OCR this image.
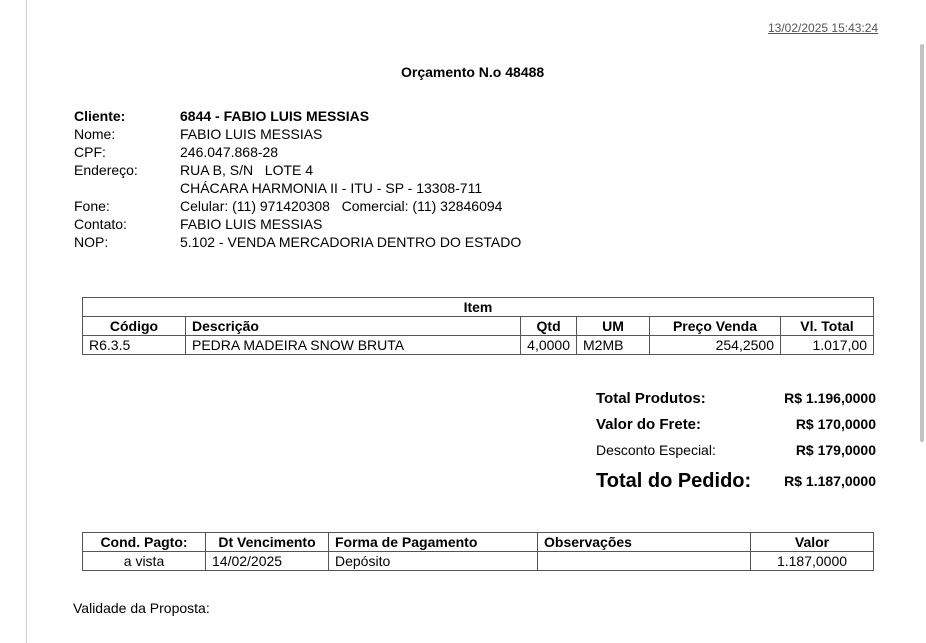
13/02/2025 15:43:24
Orçamento N.o 48488
Cliente:	6844 - FABIO LUIS MESSIAS
Nome:	FABIO LUIS MESSIAS
CPF:	246.047.868-28
Endereço:	RUA B, S/N   LOTE 4
CHÁCARA HARMONIA II - ITU - SP - 13308-711
Fone:	Celular: (11) 971420308   Comercial: (11) 32846094
Contato:	FABIO LUIS MESSIAS
NOP:	5.102 - VENDA MERCADORIA DENTRO DO ESTADO
Item					
Código	Descrição	Qtd	UM	Preço Venda	Vl. Total
R6.3.5	PEDRA MADEIRA SNOW BRUTA	4,0000	M2MB	254,2500	1.017,00
Total Produtos:	R$ 1.196,0000
Valor do Frete:	R$ 170,0000
Desconto Especial:	R$ 179,0000
Total do Pedido: R$ 1.187,0000
Cond. Pagto:	Dt Vencimento	Forma de Pagamento	Observações	Valor
a vista	14/02/2025	Depósito		1.187,0000
Validade da Proposta:
